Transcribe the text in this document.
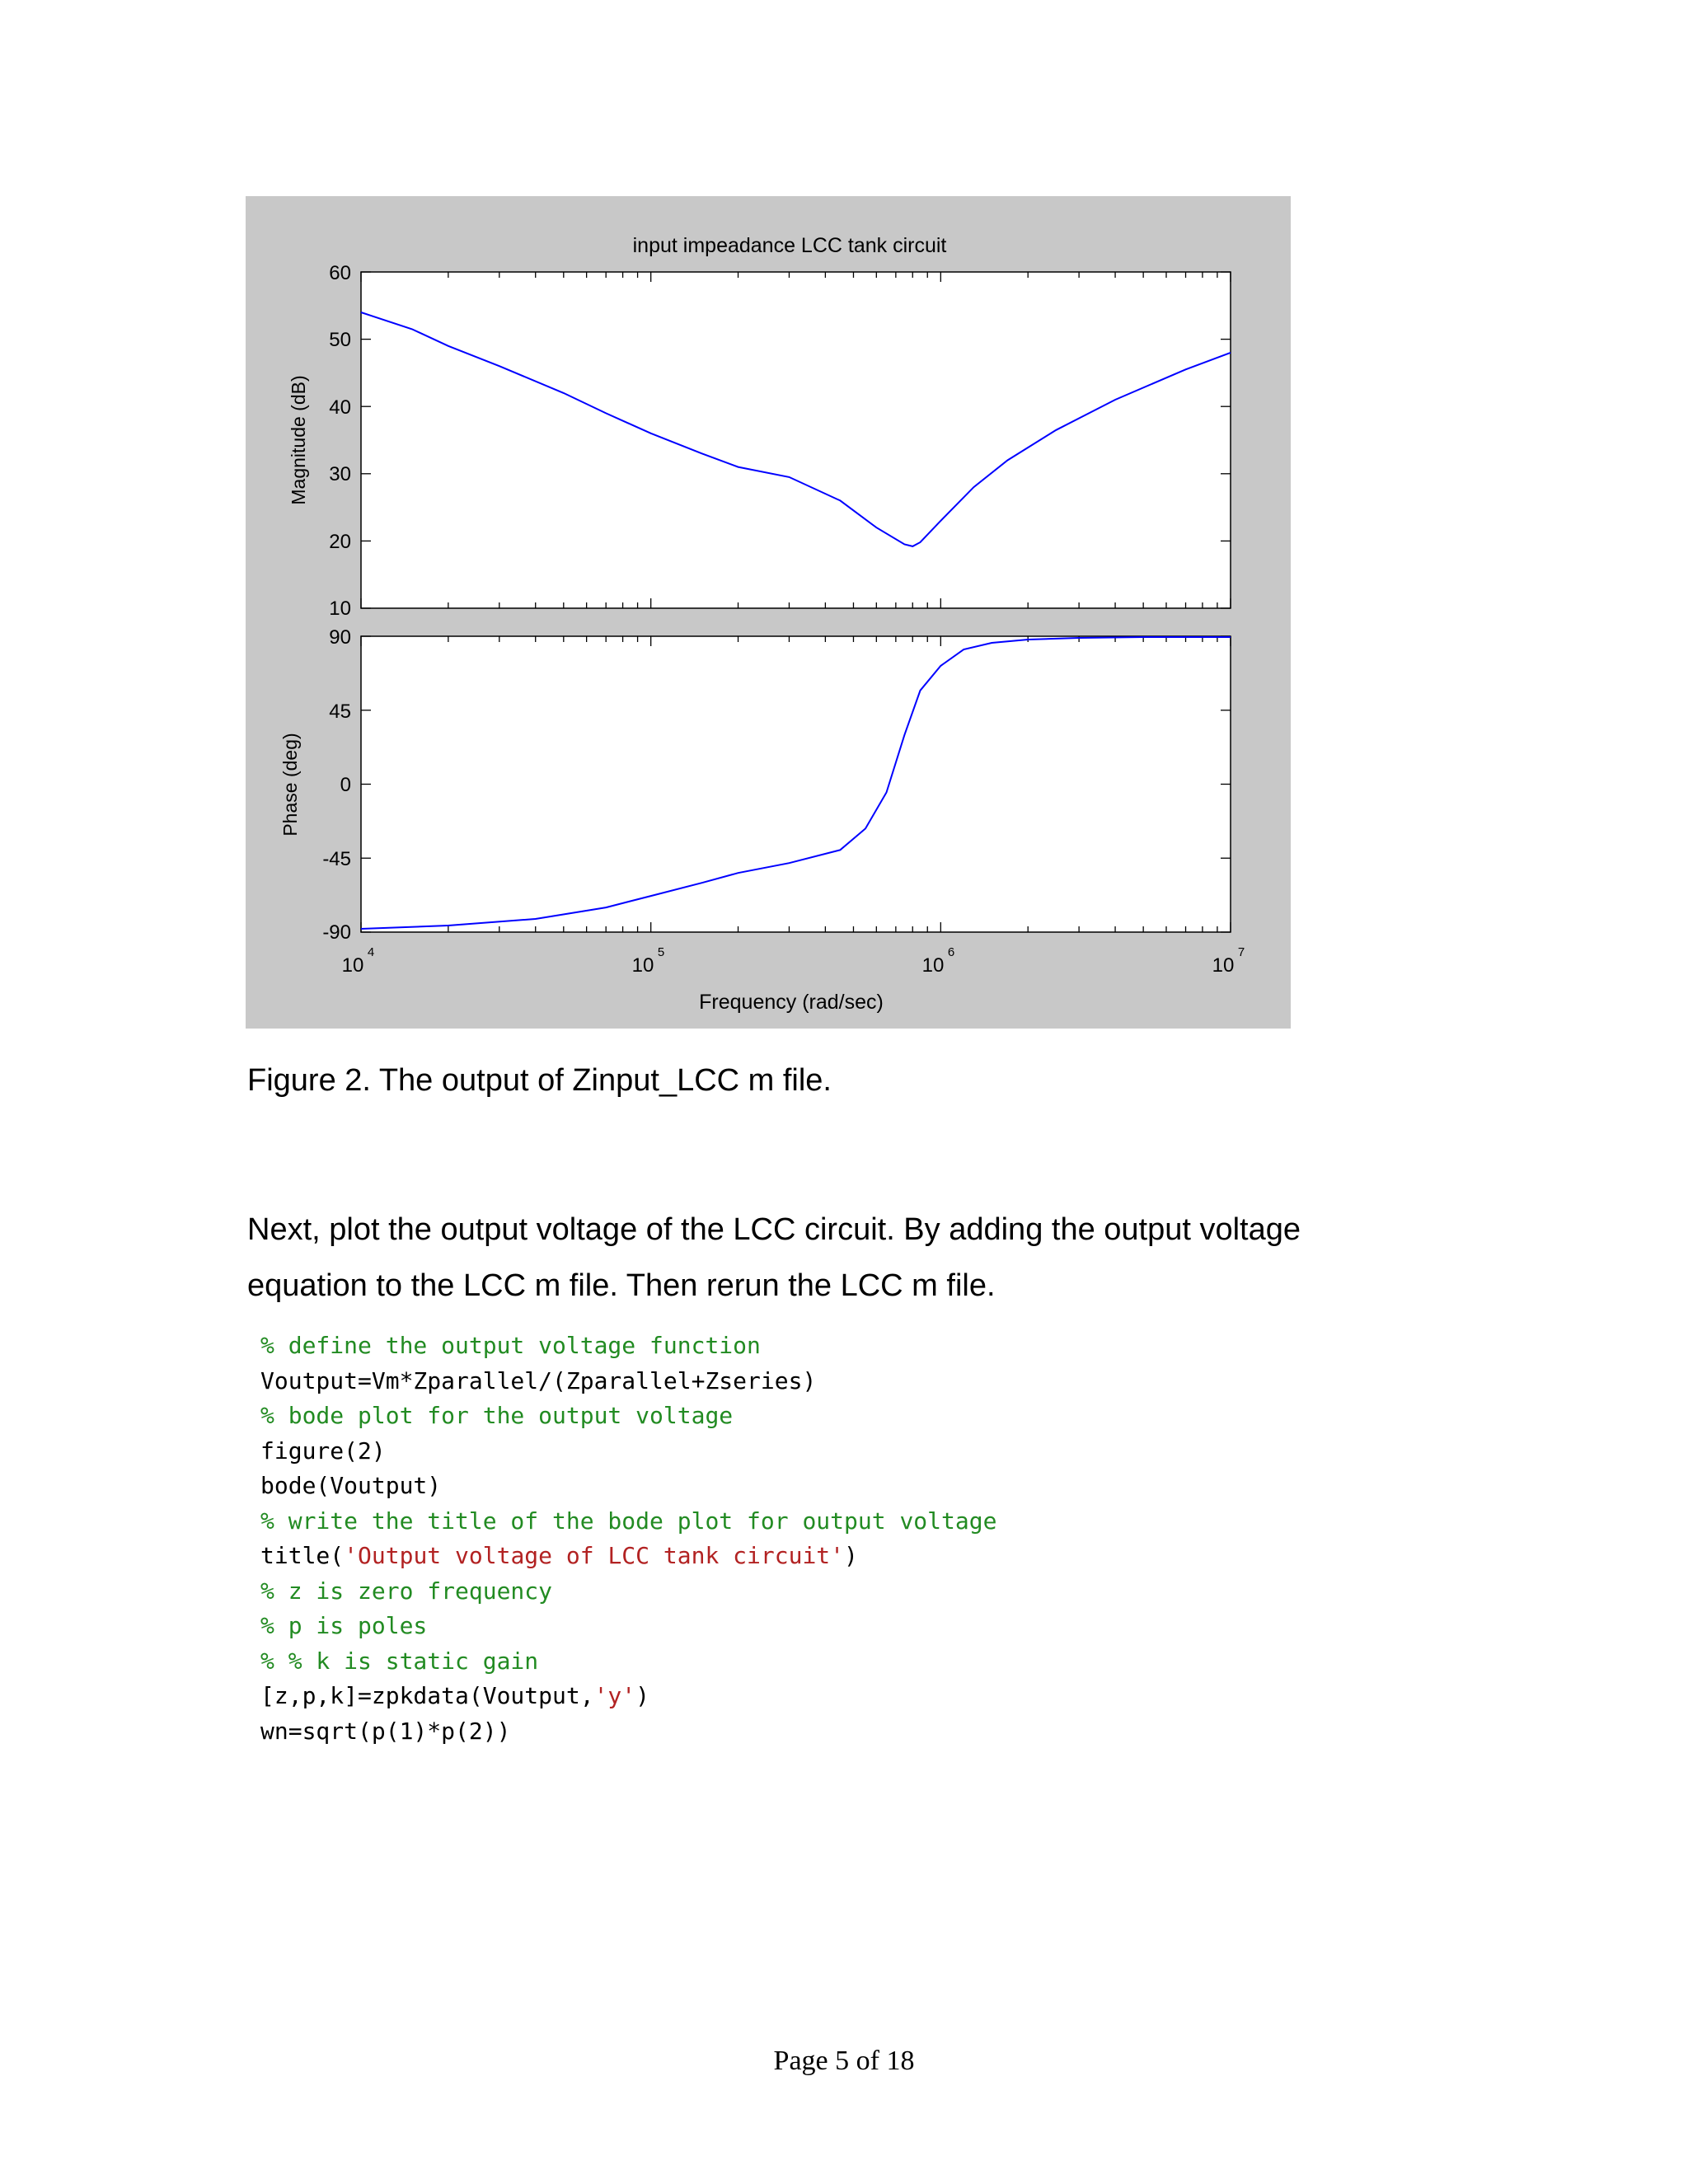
input impeadance LCC tank circuit
Magnitude (dB)
Phase (deg)
Frequency (rad/sec)
60
50
40
30
20
10
90
45
0
-45
-90
10
4
10
5
10
6
10
7
Figure 2. The output of Zinput_LCC m file.
Next, plot the output voltage of the LCC circuit. By adding the output voltage
equation to the LCC m file. Then rerun the LCC m file.
% define the output voltage function
Voutput=Vm*Zparallel/(Zparallel+Zseries)
% bode plot for the output voltage
figure(2)
bode(Voutput)
% write the title of the bode plot for output voltage
title('Output voltage of LCC tank circuit')
% z is zero frequency
% p is poles
% % k is static gain
[z,p,k]=zpkdata(Voutput,'y')
wn=sqrt(p(1)*p(2))
Page 5 of 18
